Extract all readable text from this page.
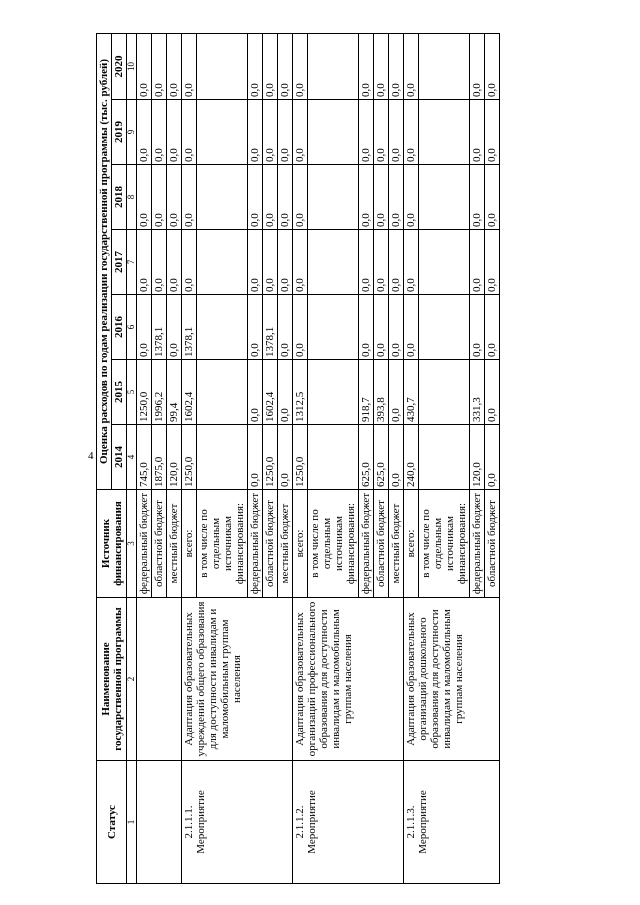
4
Статус	Наименование государственной программы	Источник финансирования	Оценка расходов по годам реализации государственной программы (тыс. рублей)						
			2014	2015	2016	2017	2018	2019	2020
1	2	3	4	5	6	7	8	9	10

		федеральный бюджет	745,0	1250,0	0,0	0,0	0,0	0,0	0,0
		областной бюджет	1875,0	1996,2	1378,1	0,0	0,0	0,0	0,0
		местный бюджет	120,0	99,4	0,0	0,0	0,0	0,0	0,0

2.1.1.1. Мероприятие	Адаптация образовательных учреждений общего образования для доступности инвалидам и маломобильным группам населения	всего:	1250,0	1602,4	1378,1	0,0	0,0	0,0	0,0
		в том числе по отдельным источникам финансирования:							
		федеральный бюджет	0,0	0,0	0,0	0,0	0,0	0,0	0,0
		областной бюджет	1250,0	1602,4	1378,1	0,0	0,0	0,0	0,0
		местный бюджет	0,0	0,0	0,0	0,0	0,0	0,0	0,0

2.1.1.2. Мероприятие	Адаптация образовательных организаций профессионального образования для доступности инвалидам и маломобильным группам населения	всего:	1250,0	1312,5	0,0	0,0	0,0	0,0	0,0
		в том числе по отдельным источникам финансирования:							
		федеральный бюджет	625,0	918,7	0,0	0,0	0,0	0,0	0,0
		областной бюджет	625,0	393,8	0,0	0,0	0,0	0,0	0,0
		местный бюджет	0,0	0,0	0,0	0,0	0,0	0,0	0,0

2.1.1.3. Мероприятие	Адаптация образовательных организаций дошкольного образования для доступности инвалидам и маломобильным группам населения	всего:	240,0	430,7	0,0	0,0	0,0	0,0	0,0
		в том числе по отдельным источникам финансирования:							
		федеральный бюджет	120,0	331,3	0,0	0,0	0,0	0,0	0,0
		областной бюджет	0,0	0,0	0,0	0,0	0,0	0,0	0,0
